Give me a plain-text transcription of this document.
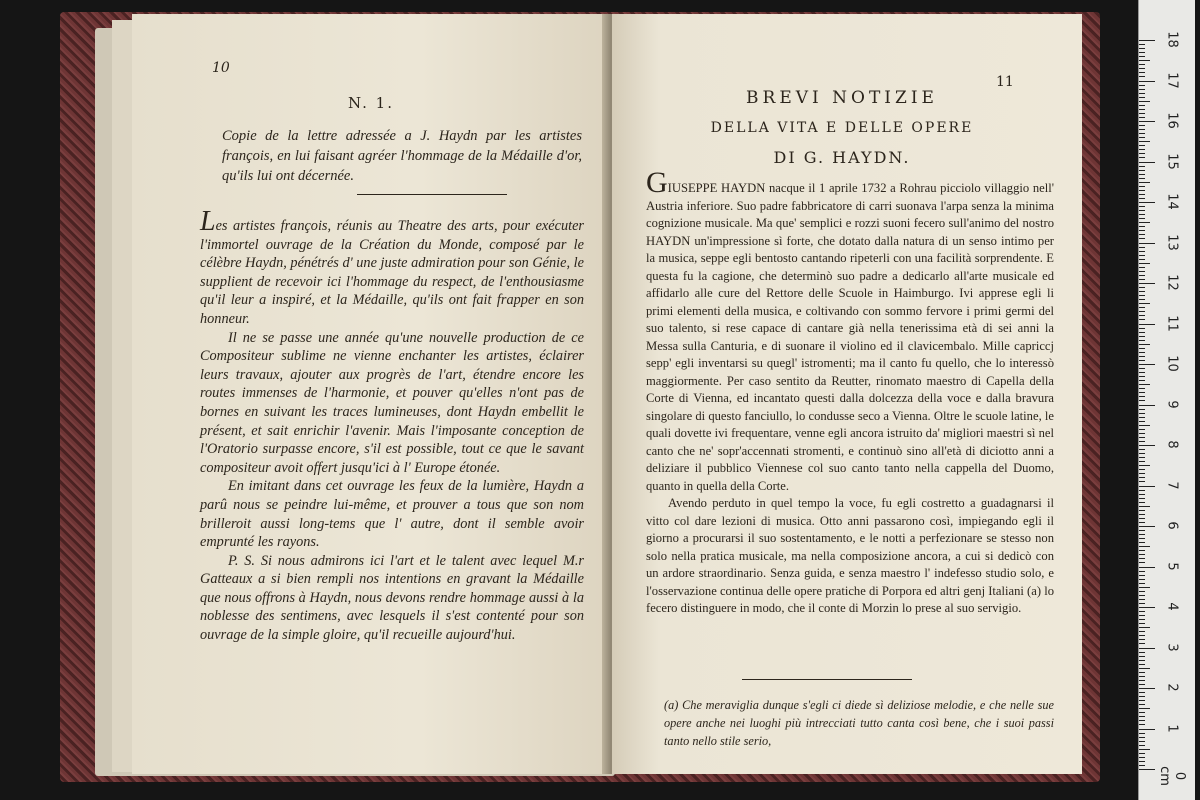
10
N. 1.
Copie de la lettre adressée a J. Haydn par les artistes françois, en lui faisant agréer l'hommage de la Médaille d'or, qu'ils lui ont décernée.

Les artistes françois, réunis au Theatre des arts, pour exécuter l'immortel ouvrage de la Création du Monde, composé par le célèbre Haydn, pénétrés d' une juste admiration pour son Génie, le supplient de recevoir ici l'hommage du respect, de l'enthousiasme qu'il leur a inspiré, et la Médaille, qu'ils ont fait frapper en son honneur.

Il ne se passe une année qu'une nouvelle production de ce Compositeur sublime ne vienne enchanter les artistes, éclairer leurs travaux, ajouter aux progrès de l'art, étendre encore les routes immenses de l'harmonie, et pouver qu'elles n'ont pas de bornes en suivant les traces lumineuses, dont Haydn embellit le présent, et sait enrichir l'avenir. Mais l'imposante conception de l'Oratorio surpasse encore, s'il est possible, tout ce que le savant compositeur avoit offert jusqu'ici à l' Europe étonée.

En imitant dans cet ouvrage les feux de la lumière, Haydn a parû nous se peindre lui-même, et prouver a tous que son nom brilleroit aussi long-tems que l' autre, dont il semble avoir emprunté les rayons.

P. S. Si nous admirons ici l'art et le talent avec lequel M.r Gatteaux a si bien rempli nos intentions en gravant la Médaille que nous offrons à Haydn, nous devons rendre hommage aussi à la noblesse des sentimens, avec lesquels il s'est contenté pour son ouvrage de la simple gloire, qu'il recueille aujourd'hui.

11
BREVI NOTIZIE
DELLA VITA E DELLE OPERE
DI G. HAYDN.

GIUSEPPE HAYDN nacque il 1 aprile 1732 a Rohrau picciolo villaggio nell' Austria inferiore. Suo padre fabbricatore di carri suonava l'arpa senza la minima cognizione musicale. Ma que' semplici e rozzi suoni fecero sull'animo del nostro HAYDN un'impressione sì forte, che dotato dalla natura di un senso intimo per la musica, seppe egli bentosto cantando ripeterli con una facilità sorprendente. E questa fu la cagione, che determinò suo padre a dedicarlo all'arte musicale ed affidarlo alle cure del Rettore delle Scuole in Haimburgo. Ivi apprese egli li primi elementi della musica, e coltivando con sommo fervore i primi germi del suo talento, si rese capace di cantare già nella tenerissima età di sei anni la Messa sulla Canturia, e di suonare il violino ed il clavicembalo. Mille capriccj sepp' egli inventarsi su quegl' istromenti; ma il canto fu quello, che lo interessò maggiormente. Per caso sentito da Reutter, rinomato maestro di Capella della Corte di Vienna, ed incantato questi dalla dolcezza della voce e dalla bravura singolare di questo fanciullo, lo condusse seco a Vienna. Oltre le scuole latine, le quali dovette ivi frequentare, venne egli ancora istruito da' migliori maestri sì nel canto che ne' sopr'accennati stromenti, e continuò sino all'età di diciotto anni a deliziare il pubblico Viennese col suo canto tanto nella cappella del Duomo, quanto in quella della Corte.

Avendo perduto in quel tempo la voce, fu egli costretto a guadagnarsi il vitto col dare lezioni di musica. Otto anni passarono così, impiegando egli il giorno a procurarsi il suo sostentamento, e le notti a perfezionare se stesso non solo nella pratica musicale, ma nella composizione ancora, a cui si dedicò con un ardore straordinario. Senza guida, e senza maestro l' indefesso studio solo, e l'osservazione continua delle opere pratiche di Porpora ed altri genj Italiani (a) lo fecero distinguere in modo, che il conte di Morzin lo prese al suo servigio.

(a) Che meraviglia dunque s'egli ci diede sì deliziose melodie, e che nelle sue opere anche nei luoghi più intrecciati tutto canta così bene, che i suoi passi tanto nello stile serio,
18
17
16
15
14
13
12
11
10
9
8
7
6
5
4
3
2
1
0 cm
